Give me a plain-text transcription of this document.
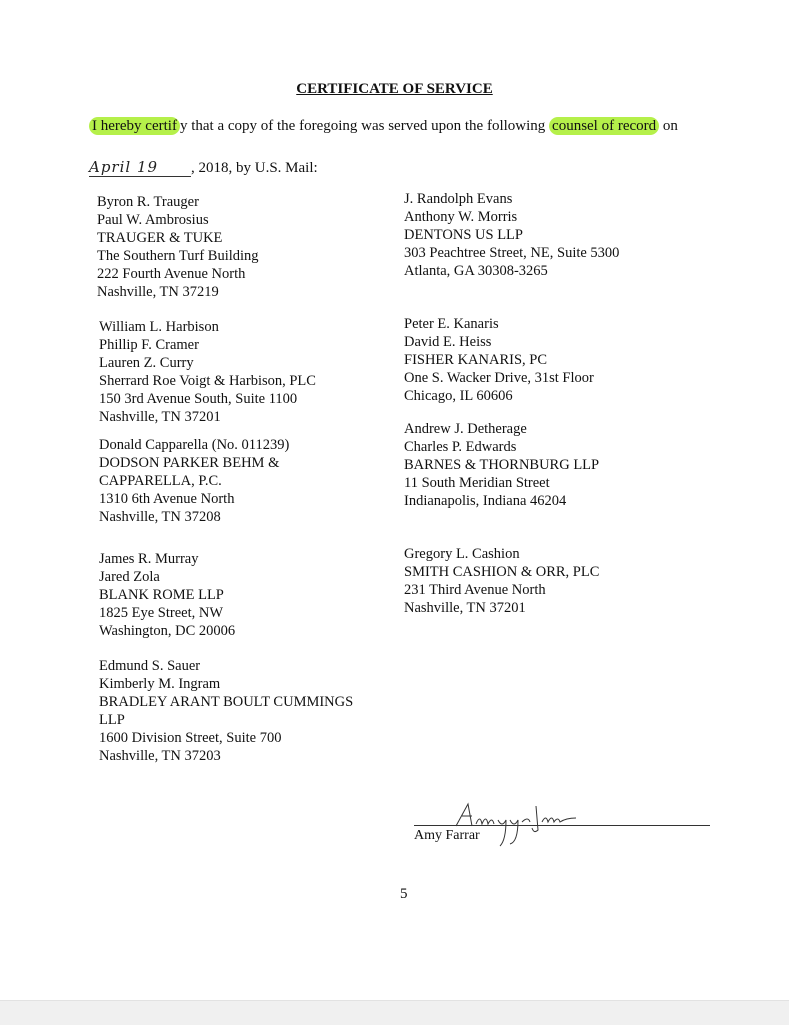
CERTIFICATE OF SERVICE
I hereby certif y that a copy of the foregoing was served upon the following counsel of record on
April 19 , 2018, by U.S. Mail:
Byron R. Trauger
Paul W. Ambrosius
TRAUGER & TUKE
The Southern Turf Building
222 Fourth Avenue North
Nashville, TN 37219
William L. Harbison
Phillip F. Cramer
Lauren Z. Curry
Sherrard Roe Voigt & Harbison, PLC
150 3rd Avenue South, Suite 1100
Nashville, TN 37201
Donald Capparella (No. 011239)
DODSON PARKER BEHM &
CAPPARELLA, P.C.
1310 6th Avenue North
Nashville, TN 37208
James R. Murray
Jared Zola
BLANK ROME LLP
1825 Eye Street, NW
Washington, DC 20006
Edmund S. Sauer
Kimberly M. Ingram
BRADLEY ARANT BOULT CUMMINGS
LLP
1600 Division Street, Suite 700
Nashville, TN 37203
J. Randolph Evans
Anthony W. Morris
DENTONS US LLP
303 Peachtree Street, NE, Suite 5300
Atlanta, GA 30308-3265
Peter E. Kanaris
David E. Heiss
FISHER KANARIS, PC
One S. Wacker Drive, 31st Floor
Chicago, IL 60606
Andrew J. Detherage
Charles P. Edwards
BARNES & THORNBURG LLP
11 South Meridian Street
Indianapolis, Indiana 46204
Gregory L. Cashion
SMITH CASHION & ORR, PLC
231 Third Avenue North
Nashville, TN 37201
Amy Farrar
5
